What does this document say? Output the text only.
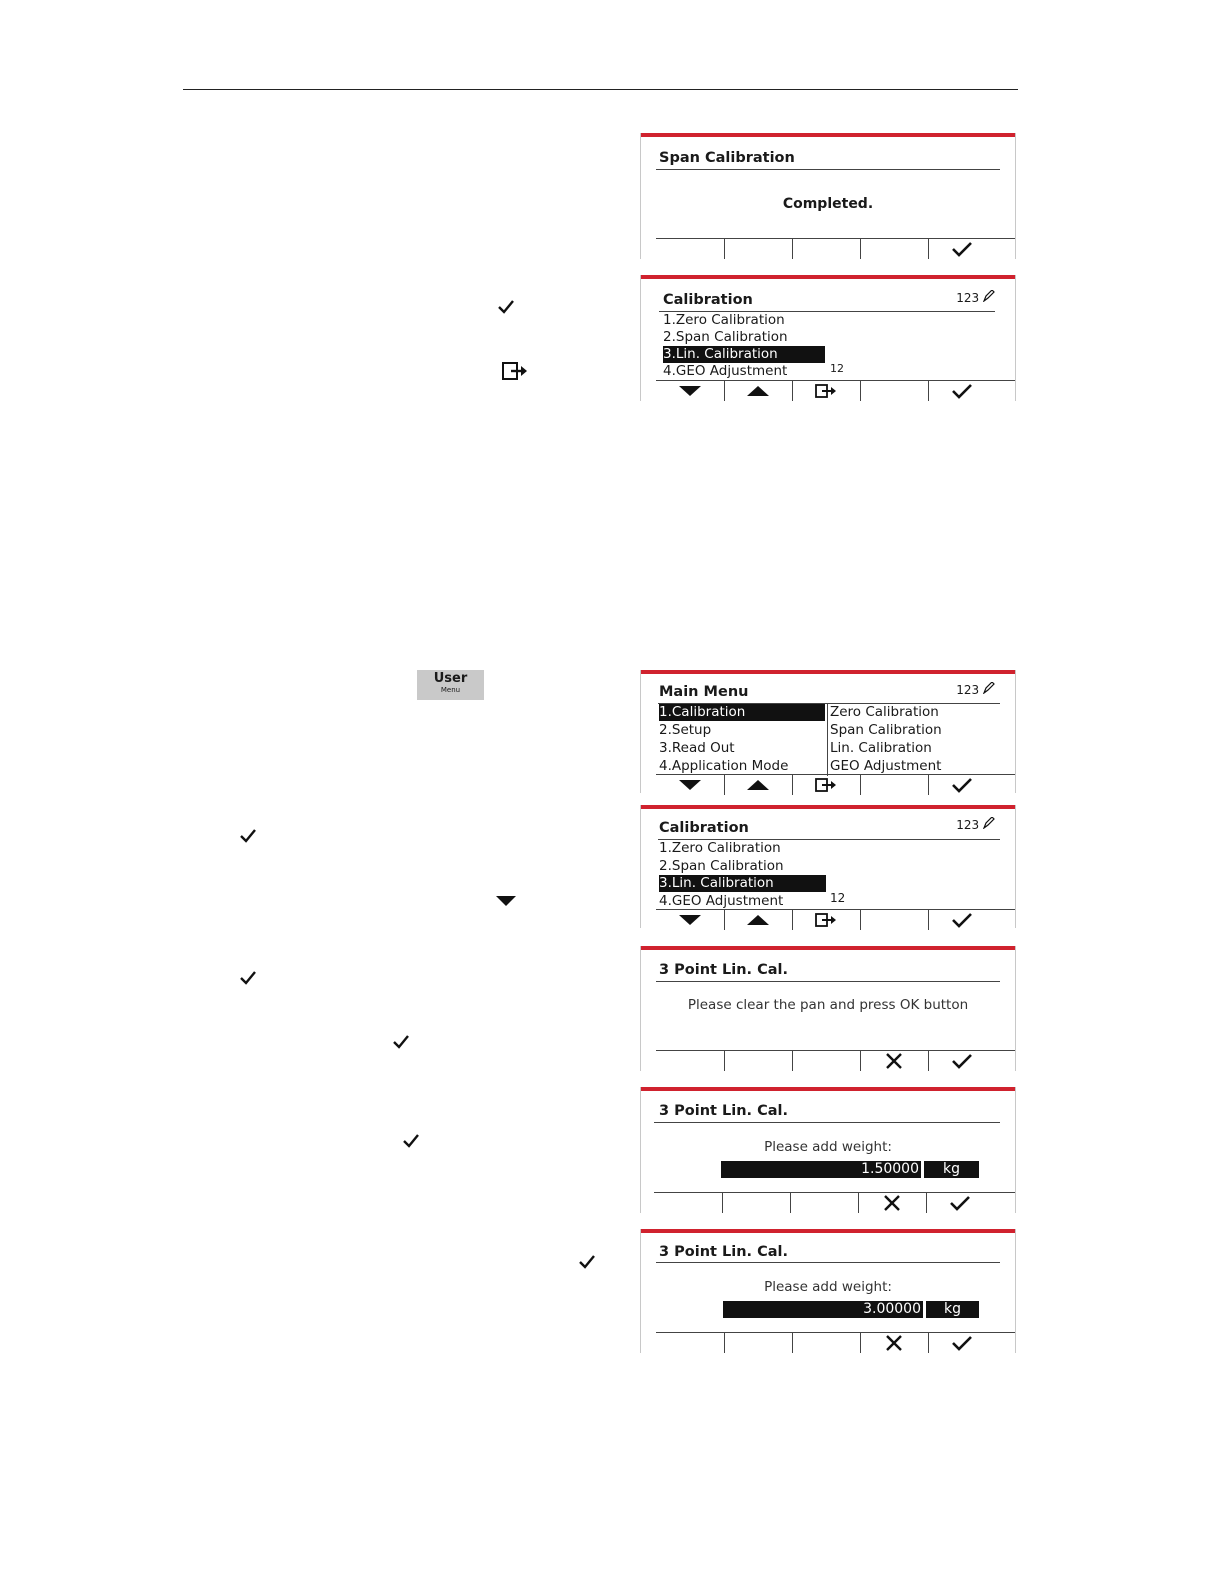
User
Menu
Span Calibration
Completed.
Calibration	123
1.Zero Calibration
2.Span Calibration
3.Lin. Calibration
4.GEO Adjustment	12
Main Menu	123
1.Calibration
2.Setup
3.Read Out
4.Application Mode
Zero Calibration
Span Calibration
Lin. Calibration
GEO Adjustment
Calibration	123
1.Zero Calibration
2.Span Calibration
3.Lin. Calibration
4.GEO Adjustment	12
3 Point Lin. Cal.
Please clear the pan and press OK button
3 Point Lin. Cal.
Please add weight:
1.50000	kg
3 Point Lin. Cal.
Please add weight:
3.00000	kg
